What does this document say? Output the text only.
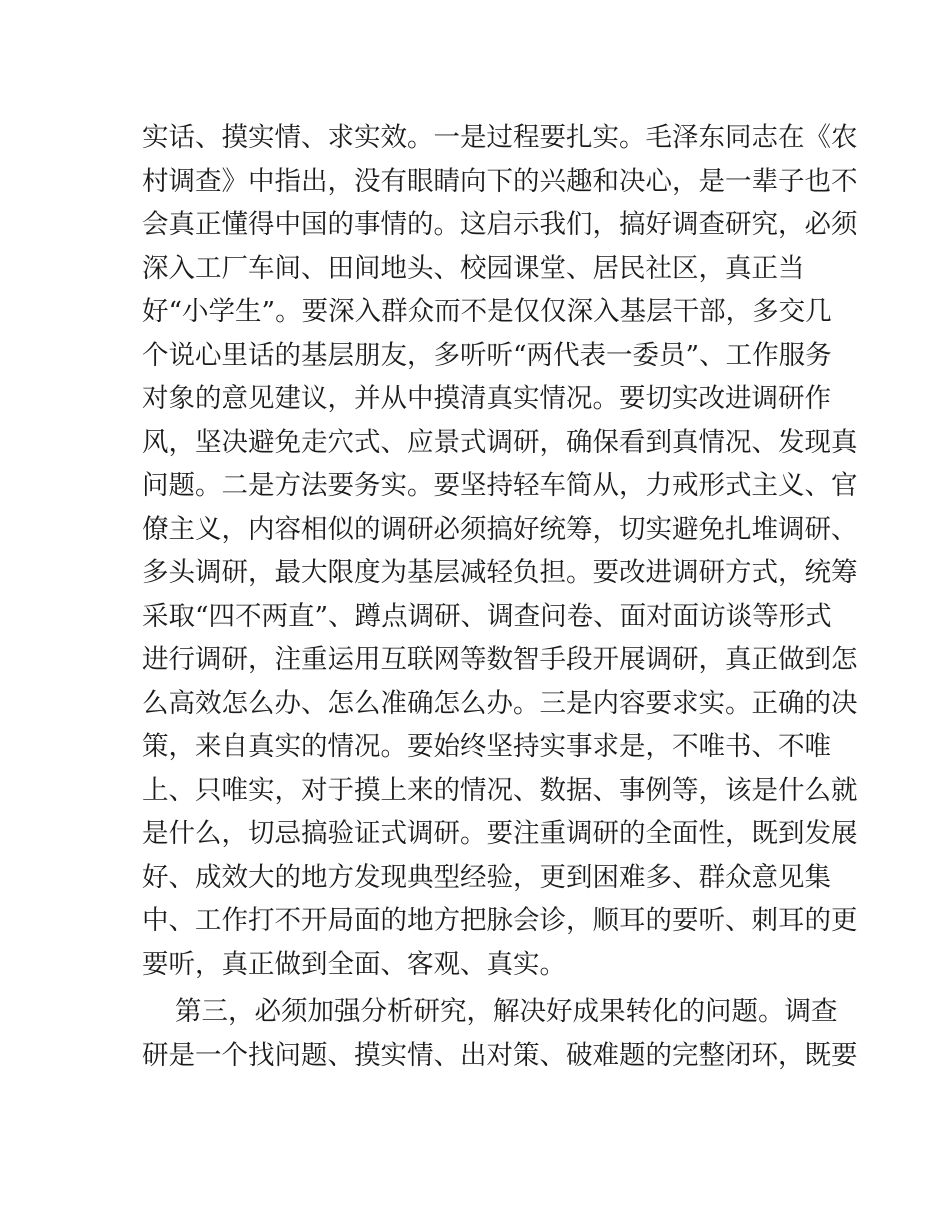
实话、摸实情、求实效。一是过程要扎实。毛泽东同志在《农
村调查》中指出，没有眼睛向下的兴趣和决心，是一辈子也不
会真正懂得中国的事情的。这启示我们，搞好调查研究，必须
深入工厂车间、田间地头、校园课堂、居民社区，真正当
好“小学生”。要深入群众而不是仅仅深入基层干部，多交几
个说心里话的基层朋友，多听听“两代表一委员”、工作服务
对象的意见建议，并从中摸清真实情况。要切实改进调研作
风，坚决避免走穴式、应景式调研，确保看到真情况、发现真
问题。二是方法要务实。要坚持轻车简从，力戒形式主义、官
僚主义，内容相似的调研必须搞好统筹，切实避免扎堆调研、
多头调研，最大限度为基层减轻负担。要改进调研方式，统筹
采取“四不两直”、蹲点调研、调查问卷、面对面访谈等形式
进行调研，注重运用互联网等数智手段开展调研，真正做到怎
么高效怎么办、怎么准确怎么办。三是内容要求实。正确的决
策，来自真实的情况。要始终坚持实事求是，不唯书、不唯
上、只唯实，对于摸上来的情况、数据、事例等，该是什么就
是什么，切忌搞验证式调研。要注重调研的全面性，既到发展
好、成效大的地方发现典型经验，更到困难多、群众意见集
中、工作打不开局面的地方把脉会诊，顺耳的要听、刺耳的更
要听，真正做到全面、客观、真实。
第三，必须加强分析研究，解决好成果转化的问题。调查
研是一个找问题、摸实情、出对策、破难题的完整闭环，既要
